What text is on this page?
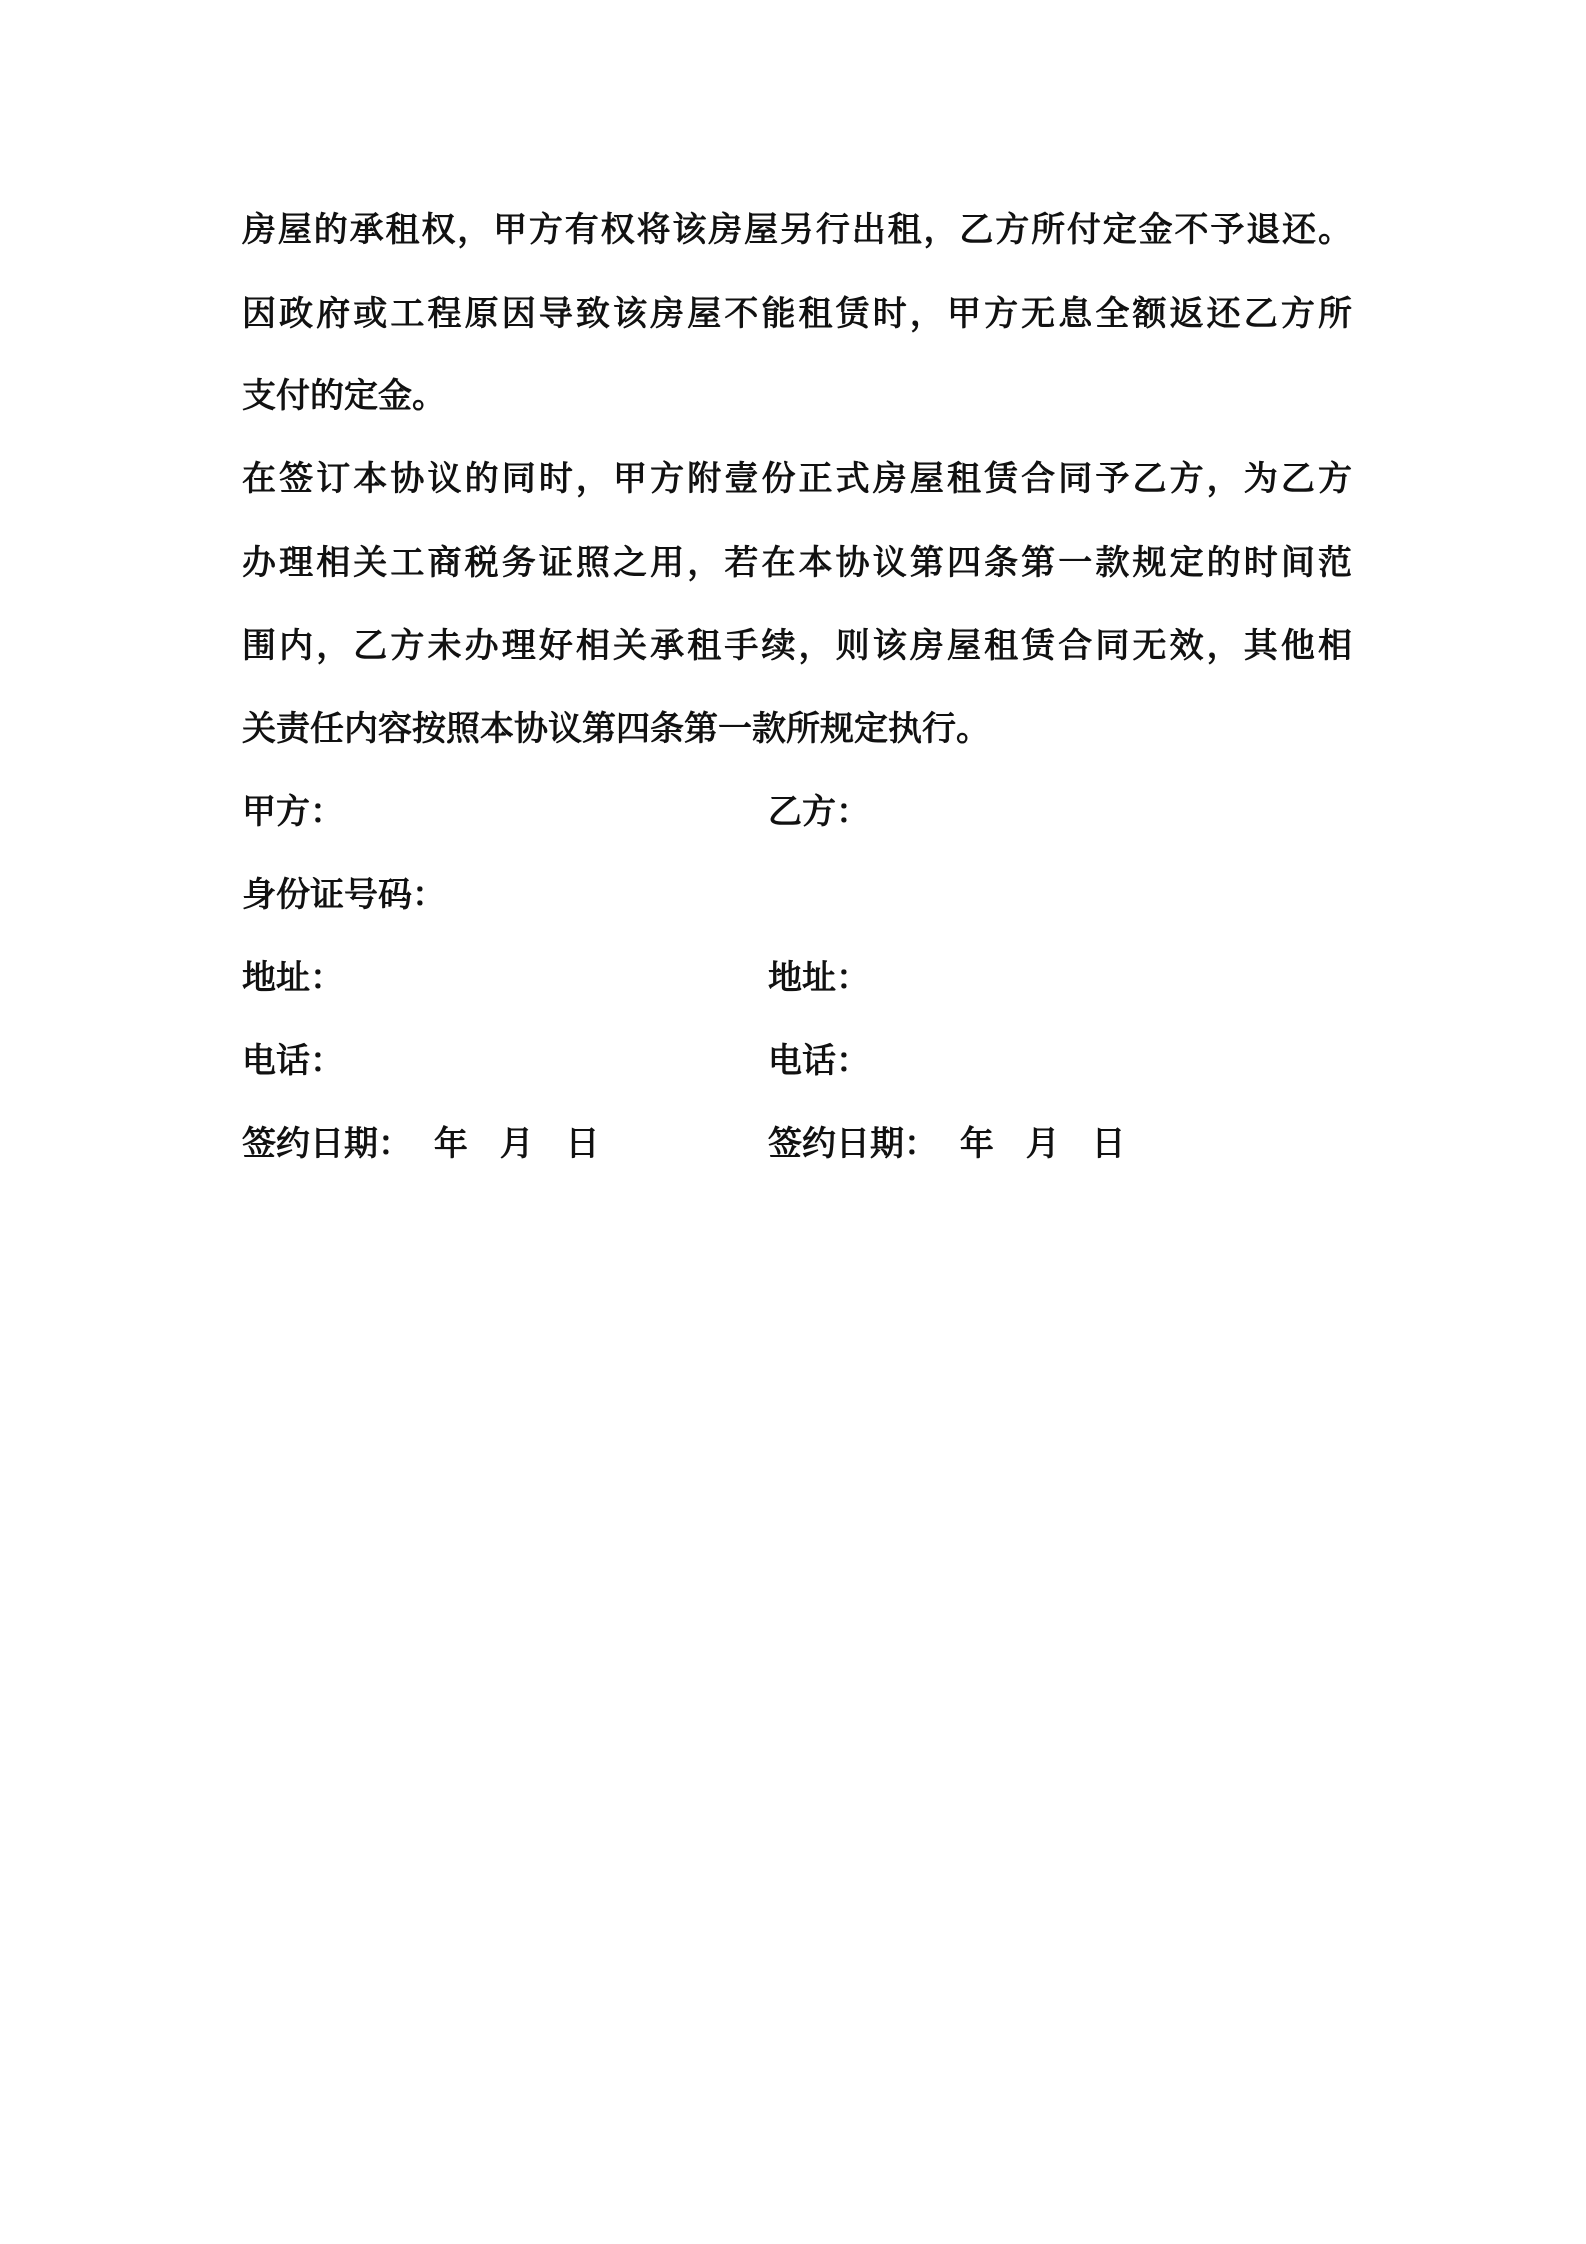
房屋的承租权，甲方有权将该房屋另行出租，乙方所付定金不予退还。
因政府或工程原因导致该房屋不能租赁时，甲方无息全额返还乙方所
支付的定金。
在签订本协议的同时，甲方附壹份正式房屋租赁合同予乙方，为乙方
办理相关工商税务证照之用，若在本协议第四条第一款规定的时间范
围内，乙方未办理好相关承租手续，则该房屋租赁合同无效，其他相
关责任内容按照本协议第四条第一款所规定执行。
甲方：	乙方：
身份证号码：
地址：	地址：
电话：	电话：
签约日期： 年 月 日	签约日期： 年 月 日
